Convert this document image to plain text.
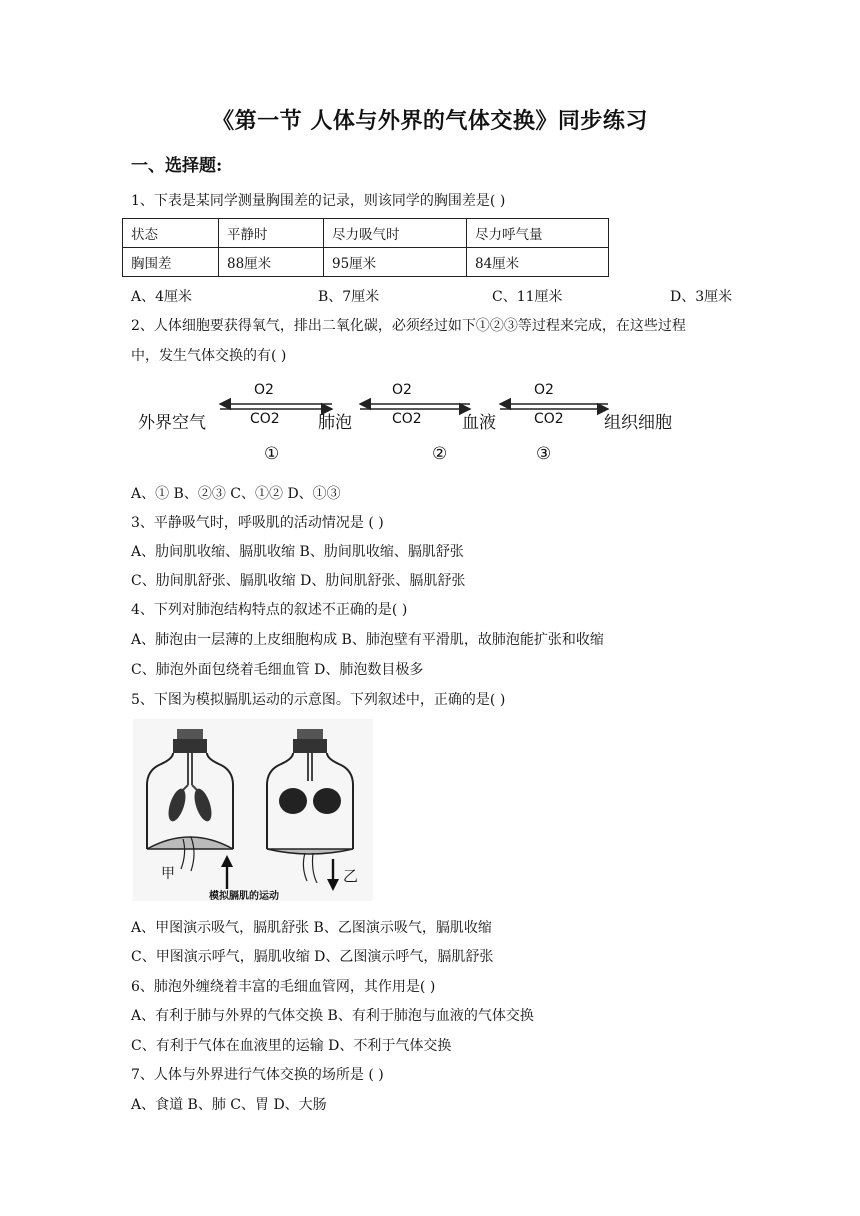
《第一节 人体与外界的气体交换》同步练习
一、选择题:
1、下表是某同学测量胸围差的记录，则该同学的胸围差是( )
状态	平静时	尽力吸气时	尽力呼气量
胸围差	88厘米	95厘米	84厘米
A、4厘米	B、7厘米	C、11厘米	D、3厘米
2、人体细胞要获得氧气，排出二氧化碳，必须经过如下①②③等过程来完成，在这些过程
中，发生气体交换的有( )
外界空气	肺泡	血液	组织细胞
O2	O2	O2
CO2	CO2	CO2
①	②	③
A、① B、②③ C、①② D、①③
3、平静吸气时，呼吸肌的活动情况是 ( )
A、肋间肌收缩、膈肌收缩 B、肋间肌收缩、膈肌舒张
C、肋间肌舒张、膈肌收缩 D、肋间肌舒张、膈肌舒张
4、下列对肺泡结构特点的叙述不正确的是( )
A、肺泡由一层薄的上皮细胞构成 B、肺泡壁有平滑肌，故肺泡能扩张和收缩
C、肺泡外面包绕着毛细血管 D、肺泡数目极多
5、下图为模拟膈肌运动的示意图。下列叙述中，正确的是( )
甲	乙
模拟膈肌的运动
A、甲图演示吸气，膈肌舒张 B、乙图演示吸气，膈肌收缩
C、甲图演示呼气，膈肌收缩 D、乙图演示呼气，膈肌舒张
6、肺泡外缠绕着丰富的毛细血管网，其作用是( )
A、有利于肺与外界的气体交换 B、有利于肺泡与血液的气体交换
C、有利于气体在血液里的运输 D、不利于气体交换
7、人体与外界进行气体交换的场所是 ( )
A、食道 B、肺 C、胃 D、大肠
